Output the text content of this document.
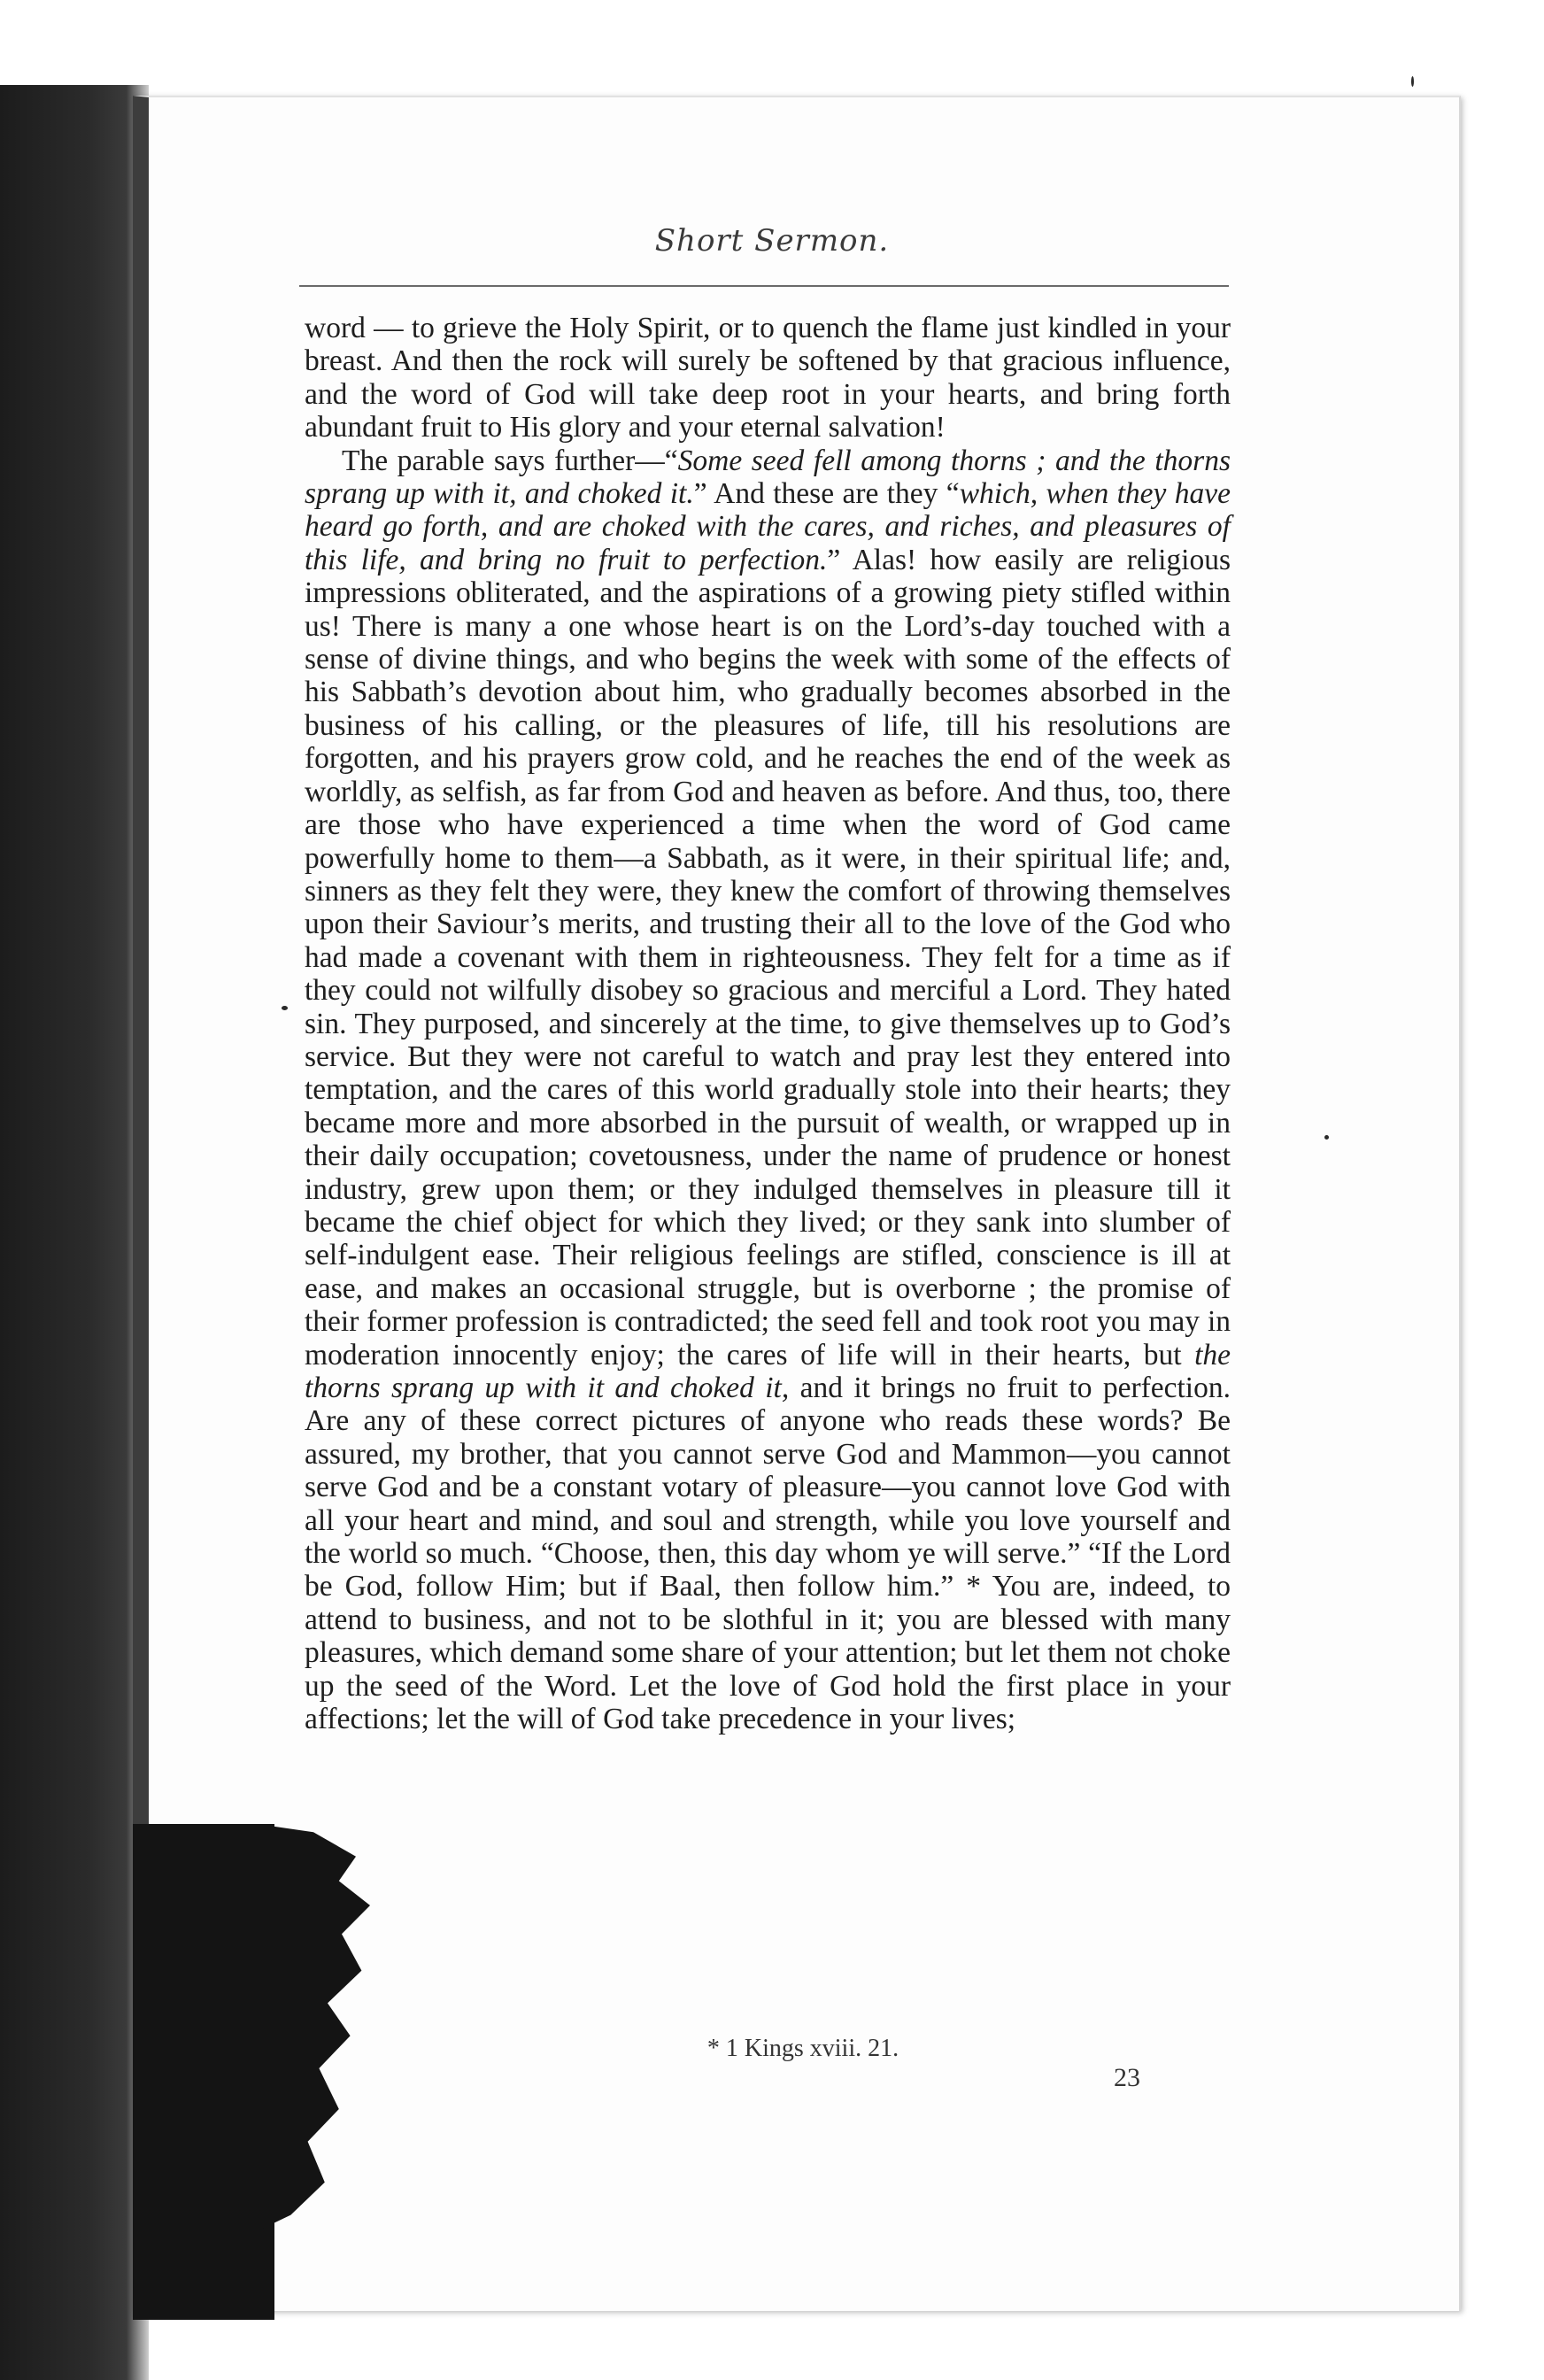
Short Sermon.

word — to grieve the Holy Spirit, or to quench the flame just kindled in your breast. And then the rock will surely be softened by that gracious influence, and the word of God will take deep root in your hearts, and bring forth abundant fruit to His glory and your eternal salvation!

The parable says further—“Some seed fell among thorns ; and the thorns sprang up with it, and choked it.” And these are they “which, when they have heard go forth, and are choked with the cares, and riches, and pleasures of this life, and bring no fruit to perfection.” Alas! how easily are religious impressions obliterated, and the aspirations of a growing piety stifled within us! There is many a one whose heart is on the Lord’s-day touched with a sense of divine things, and who begins the week with some of the effects of his Sabbath’s devotion about him, who gradually becomes absorbed in the business of his calling, or the pleasures of life, till his resolutions are forgotten, and his prayers grow cold, and he reaches the end of the week as worldly, as selfish, as far from God and heaven as before. And thus, too, there are those who have experienced a time when the word of God came powerfully home to them—a Sabbath, as it were, in their spiritual life; and, sinners as they felt they were, they knew the comfort of throwing themselves upon their Saviour’s merits, and trusting their all to the love of the God who had made a covenant with them in righteousness. They felt for a time as if they could not wilfully disobey so gracious and merciful a Lord. They hated sin. They purposed, and sincerely at the time, to give themselves up to God’s service. But they were not careful to watch and pray lest they entered into temptation, and the cares of this world gradually stole into their hearts; they became more and more absorbed in the pursuit of wealth, or wrapped up in their daily occupation; covetousness, under the name of prudence or honest industry, grew upon them; or they indulged themselves in pleasure till it became the chief object for which they lived; or they sank into slumber of self-indulgent ease. Their religious feelings are stifled, conscience is ill at ease, and makes an occasional struggle, but is overborne ; the promise of their former profession is contradicted; the seed fell and took root you may in moderation innocently enjoy; the cares of life will in their hearts, but the thorns sprang up with it and choked it, and it brings no fruit to perfection. Are any of these correct pictures of anyone who reads these words? Be assured, my brother, that you cannot serve God and Mammon—you cannot serve God and be a constant votary of pleasure—you cannot love God with all your heart and mind, and soul and strength, while you love yourself and the world so much. “Choose, then, this day whom ye will serve.” “If the Lord be God, follow Him; but if Baal, then follow him.” * You are, indeed, to attend to business, and not to be slothful in it; you are blessed with many pleasures, which demand some share of your attention; but let them not choke up the seed of the Word. Let the love of God hold the first place in your affections; let the will of God take precedence in your lives;

* 1 Kings xviii. 21.
23
